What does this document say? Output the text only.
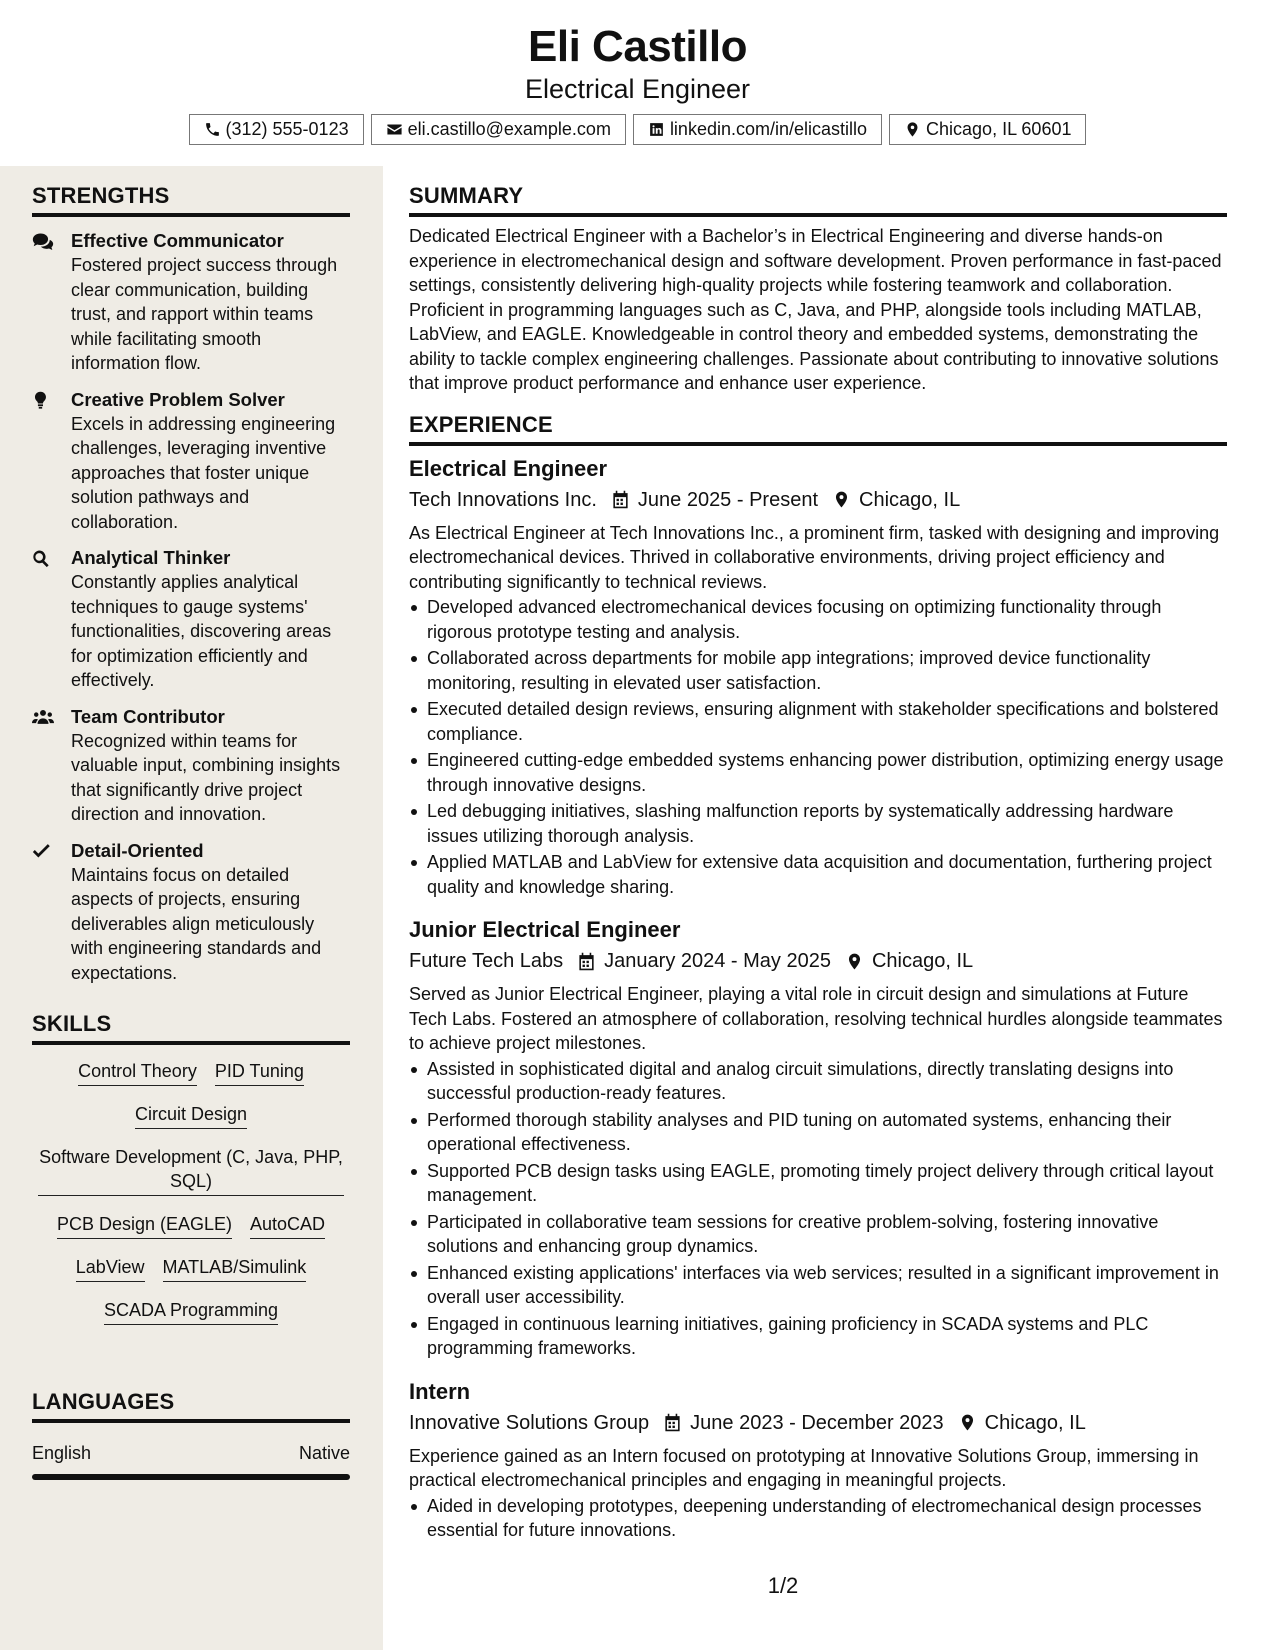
Eli Castillo
Electrical Engineer
(312) 555-0123	eli.castillo@example.com	linkedin.com/in/elicastillo	Chicago, IL 60601
STRENGTHS
Effective Communicator
Fostered project success through clear communication, building trust, and rapport within teams while facilitating smooth information flow.
Creative Problem Solver
Excels in addressing engineering challenges, leveraging inventive approaches that foster unique solution pathways and collaboration.
Analytical Thinker
Constantly applies analytical techniques to gauge systems' functionalities, discovering areas for optimization efficiently and effectively.
Team Contributor
Recognized within teams for valuable input, combining insights that significantly drive project direction and innovation.
Detail-Oriented
Maintains focus on detailed aspects of projects, ensuring deliverables align meticulously with engineering standards and expectations.
SKILLS
Control Theory PID Tuning
Circuit Design
Software Development (C, Java, PHP, SQL)
PCB Design (EAGLE) AutoCAD
LabView MATLAB/Simulink
SCADA Programming
LANGUAGES
English	Native
SUMMARY
Dedicated Electrical Engineer with a Bachelor’s in Electrical Engineering and diverse hands-on experience in electromechanical design and software development. Proven performance in fast-paced settings, consistently delivering high-quality projects while fostering teamwork and collaboration. Proficient in programming languages such as C, Java, and PHP, alongside tools including MATLAB, LabView, and EAGLE. Knowledgeable in control theory and embedded systems, demonstrating the ability to tackle complex engineering challenges. Passionate about contributing to innovative solutions that improve product performance and enhance user experience.
EXPERIENCE
Electrical Engineer
Tech Innovations Inc. June 2025 - Present Chicago, IL
As Electrical Engineer at Tech Innovations Inc., a prominent firm, tasked with designing and improving electromechanical devices. Thrived in collaborative environments, driving project efficiency and contributing significantly to technical reviews.
Developed advanced electromechanical devices focusing on optimizing functionality through rigorous prototype testing and analysis.
Collaborated across departments for mobile app integrations; improved device functionality monitoring, resulting in elevated user satisfaction.
Executed detailed design reviews, ensuring alignment with stakeholder specifications and bolstered compliance.
Engineered cutting-edge embedded systems enhancing power distribution, optimizing energy usage through innovative designs.
Led debugging initiatives, slashing malfunction reports by systematically addressing hardware issues utilizing thorough analysis.
Applied MATLAB and LabView for extensive data acquisition and documentation, furthering project quality and knowledge sharing.
Junior Electrical Engineer
Future Tech Labs January 2024 - May 2025 Chicago, IL
Served as Junior Electrical Engineer, playing a vital role in circuit design and simulations at Future Tech Labs. Fostered an atmosphere of collaboration, resolving technical hurdles alongside teammates to achieve project milestones.
Assisted in sophisticated digital and analog circuit simulations, directly translating designs into successful production-ready features.
Performed thorough stability analyses and PID tuning on automated systems, enhancing their operational effectiveness.
Supported PCB design tasks using EAGLE, promoting timely project delivery through critical layout management.
Participated in collaborative team sessions for creative problem-solving, fostering innovative solutions and enhancing group dynamics.
Enhanced existing applications' interfaces via web services; resulted in a significant improvement in overall user accessibility.
Engaged in continuous learning initiatives, gaining proficiency in SCADA systems and PLC programming frameworks.
Intern
Innovative Solutions Group June 2023 - December 2023 Chicago, IL
Experience gained as an Intern focused on prototyping at Innovative Solutions Group, immersing in practical electromechanical principles and engaging in meaningful projects.
Aided in developing prototypes, deepening understanding of electromechanical design processes essential for future innovations.
1/2
